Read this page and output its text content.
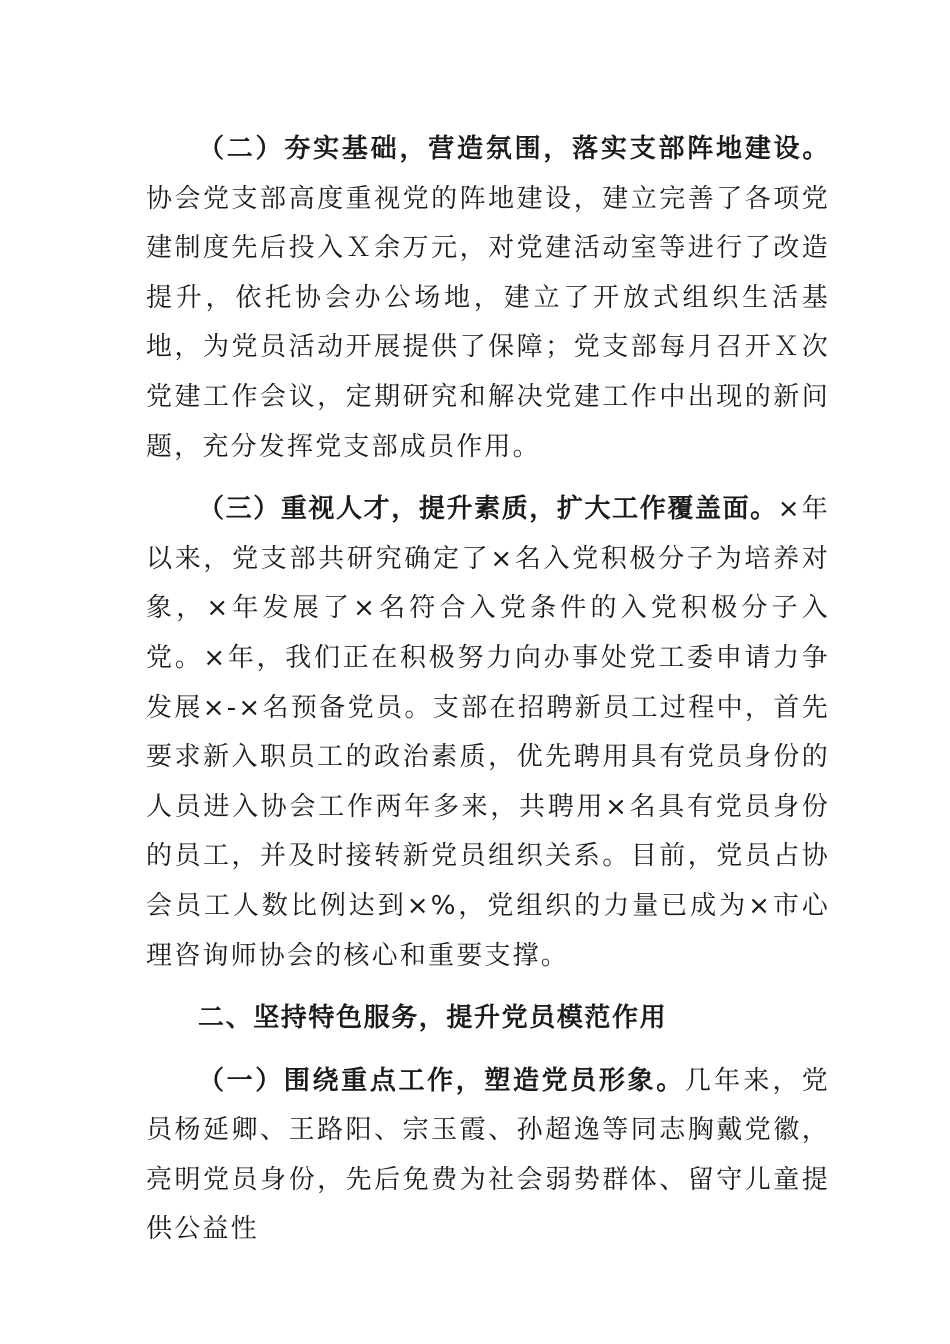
（二）夯实基础，营造氛围，落实支部阵地建设。协会党支部高度重视党的阵地建设，建立完善了各项党建制度先后投入Ｘ余万元，对党建活动室等进行了改造提升，依托协会办公场地，建立了开放式组织生活基地，为党员活动开展提供了保障；党支部每月召开Ｘ次党建工作会议，定期研究和解决党建工作中出现的新问题，充分发挥党支部成员作用。

（三）重视人才，提升素质，扩大工作覆盖面。×年以来，党支部共研究确定了×名入党积极分子为培养对象，×年发展了×名符合入党条件的入党积极分子入党。×年，我们正在积极努力向办事处党工委申请力争发展×-×名预备党员。支部在招聘新员工过程中，首先要求新入职员工的政治素质，优先聘用具有党员身份的人员进入协会工作两年多来，共聘用×名具有党员身份的员工，并及时接转新党员组织关系。目前，党员占协会员工人数比例达到×%，党组织的力量已成为×市心理咨询师协会的核心和重要支撑。

二、坚持特色服务，提升党员模范作用

（一）围绕重点工作，塑造党员形象。几年来，党员杨延卿、王路阳、宗玉霞、孙超逸等同志胸戴党徽，亮明党员身份，先后免费为社会弱势群体、留守儿童提供公益性
